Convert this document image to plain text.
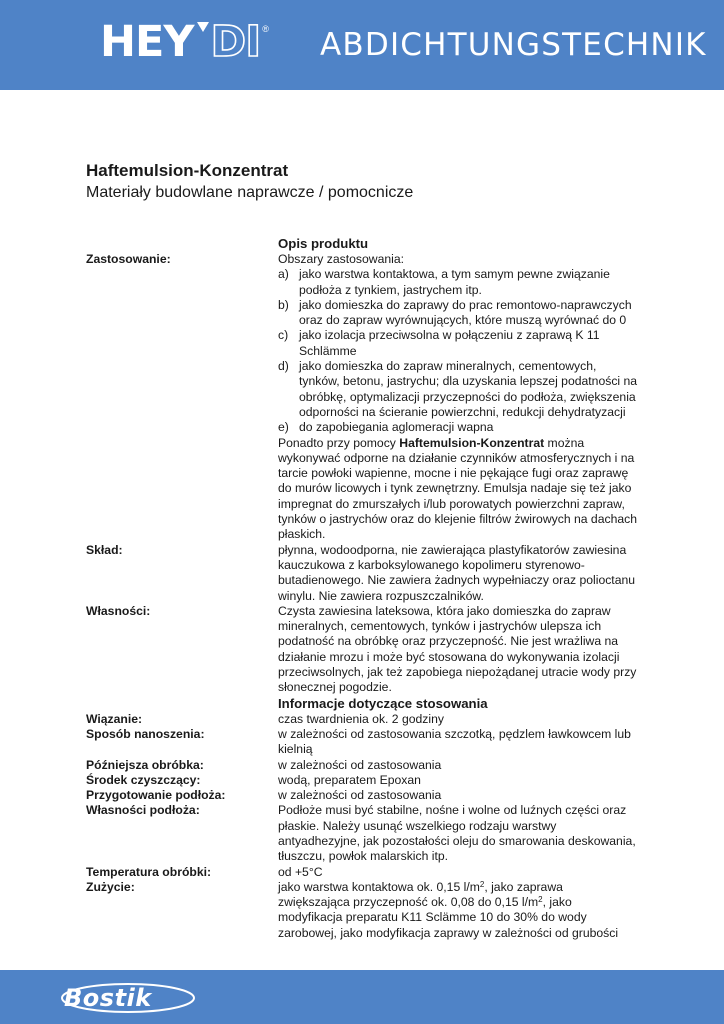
HEY DI ® ABDICHTUNGSTECHNIK
Haftemulsion-Konzentrat
Materiały budowlane naprawcze / pomocnicze
Opis produktu
Zastosowanie:	Obszary zastosowania:
a) jako warstwa kontaktowa, a tym samym pewne związanie podłoża z tynkiem, jastrychem itp.
b) jako domieszka do zaprawy do prac remontowo-naprawczych oraz do zapraw wyrównujących, które muszą wyrównać do 0
c) jako izolacja przeciwsolna w połączeniu z zaprawą K 11 Schlämme
d) jako domieszka do zapraw mineralnych, cementowych, tynków, betonu, jastrychu; dla uzyskania lepszej podatności na obróbkę, optymalizacji przyczepności do podłoża, zwiększenia odporności na ścieranie powierzchni, redukcji dehydratyzacji
e) do zapobiegania aglomeracji wapna
Ponadto przy pomocy Haftemulsion-Konzentrat można wykonywać odporne na działanie czynników atmosferycznych i na tarcie powłoki wapienne, mocne i nie pękające fugi oraz zaprawę do murów licowych i tynk zewnętrzny. Emulsja nadaje się też jako impregnat do zmurszałych i/lub porowatych powierzchni zapraw, tynków o jastrychów oraz do klejenie filtrów żwirowych na dachach płaskich.
Skład:	płynna, wodoodporna, nie zawierająca plastyfikatorów zawiesina kauczukowa z karboksylowanego kopolimeru styrenowo-butadienowego. Nie zawiera żadnych wypełniaczy oraz polioctanu winylu. Nie zawiera rozpuszczalników.
Własności:	Czysta zawiesina lateksowa, która jako domieszka do zapraw mineralnych, cementowych, tynków i jastrychów ulepsza ich podatność na obróbkę oraz przyczepność. Nie jest wrażliwa na działanie mrozu i może być stosowana do wykonywania izolacji przeciwsolnych, jak też zapobiega niepożądanej utracie wody przy słonecznej pogodzie.
Informacje dotyczące stosowania
Wiązanie:	czas twardnienia ok. 2 godziny
Sposób nanoszenia:	w zależności od zastosowania szczotką, pędzlem ławkowcem lub kielnią
Późniejsza obróbka:	w zależności od zastosowania
Środek czyszczący:	wodą, preparatem Epoxan
Przygotowanie podłoża:	w zależności od zastosowania
Własności podłoża:	Podłoże musi być stabilne, nośne i wolne od luźnych części oraz płaskie. Należy usunąć wszelkiego rodzaju warstwy antyadhezyjne, jak pozostałości oleju do smarowania deskowania, tłuszczu, powłok malarskich itp.
Temperatura obróbki:	od +5°C
Zużycie:	jako warstwa kontaktowa ok. 0,15 $l/m^2$, jako zaprawa zwiększająca przyczepność ok. 0,08 do 0,15 $l/m^2$, jako modyfikacja preparatu K11 Sclämme 10 do 30% do wody zarobowej, jako modyfikacja zaprawy w zależności od grubości
Bostik
